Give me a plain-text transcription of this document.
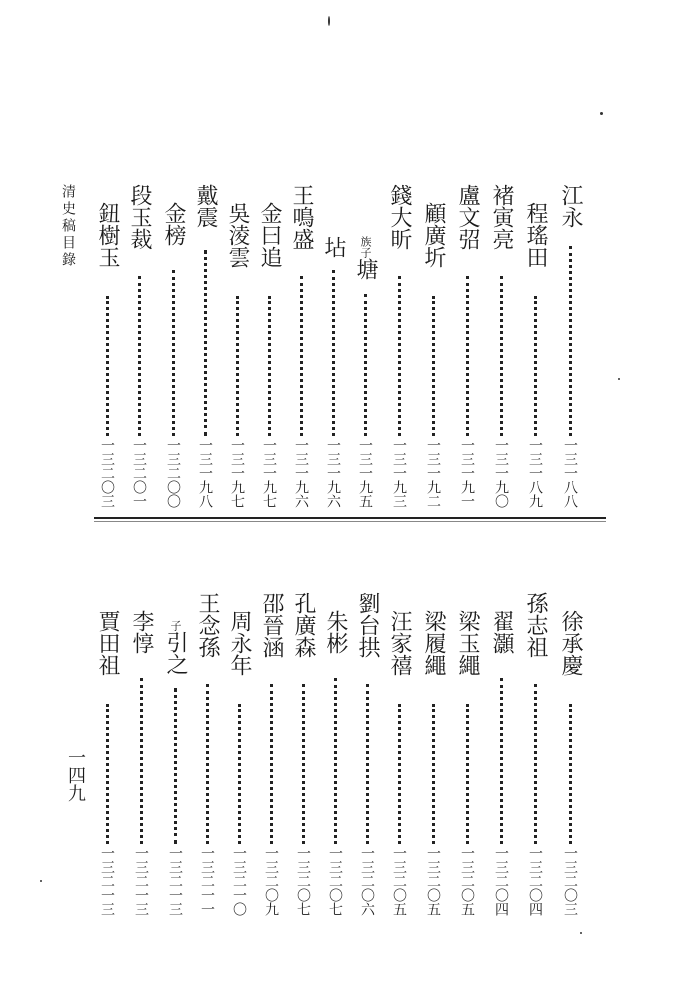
清史稿目錄	江永
一三一八八
程瑤田
一三一八九
褚寅亮
一三一九〇
盧文弨
一三一九一
顧廣圻
一三一九二
錢大昕
一三一九三
族子塘
一三一九五
坫
一三一九六
王鳴盛
一三一九六
金曰追
一三一九七
吳淩雲
一三一九七
戴震
一三一九八
金榜
一三二〇〇
段玉裁
一三二〇一
鈕樹玉
一三二〇三
徐承慶
一三二〇三
孫志祖
一三二〇四
翟灝
一三二〇四
梁玉繩
一三二〇五
梁履繩
一三二〇五
汪家禧
一三二〇五
劉台拱
一三二〇六
朱彬
一三二〇七
孔廣森
一三二〇七
邵晉涵
一三二〇九
周永年
一三二一〇
王念孫
一三二一一
子引之
一三二一三
李惇
一三二一三
賈田祖
一三二一三
一四九
